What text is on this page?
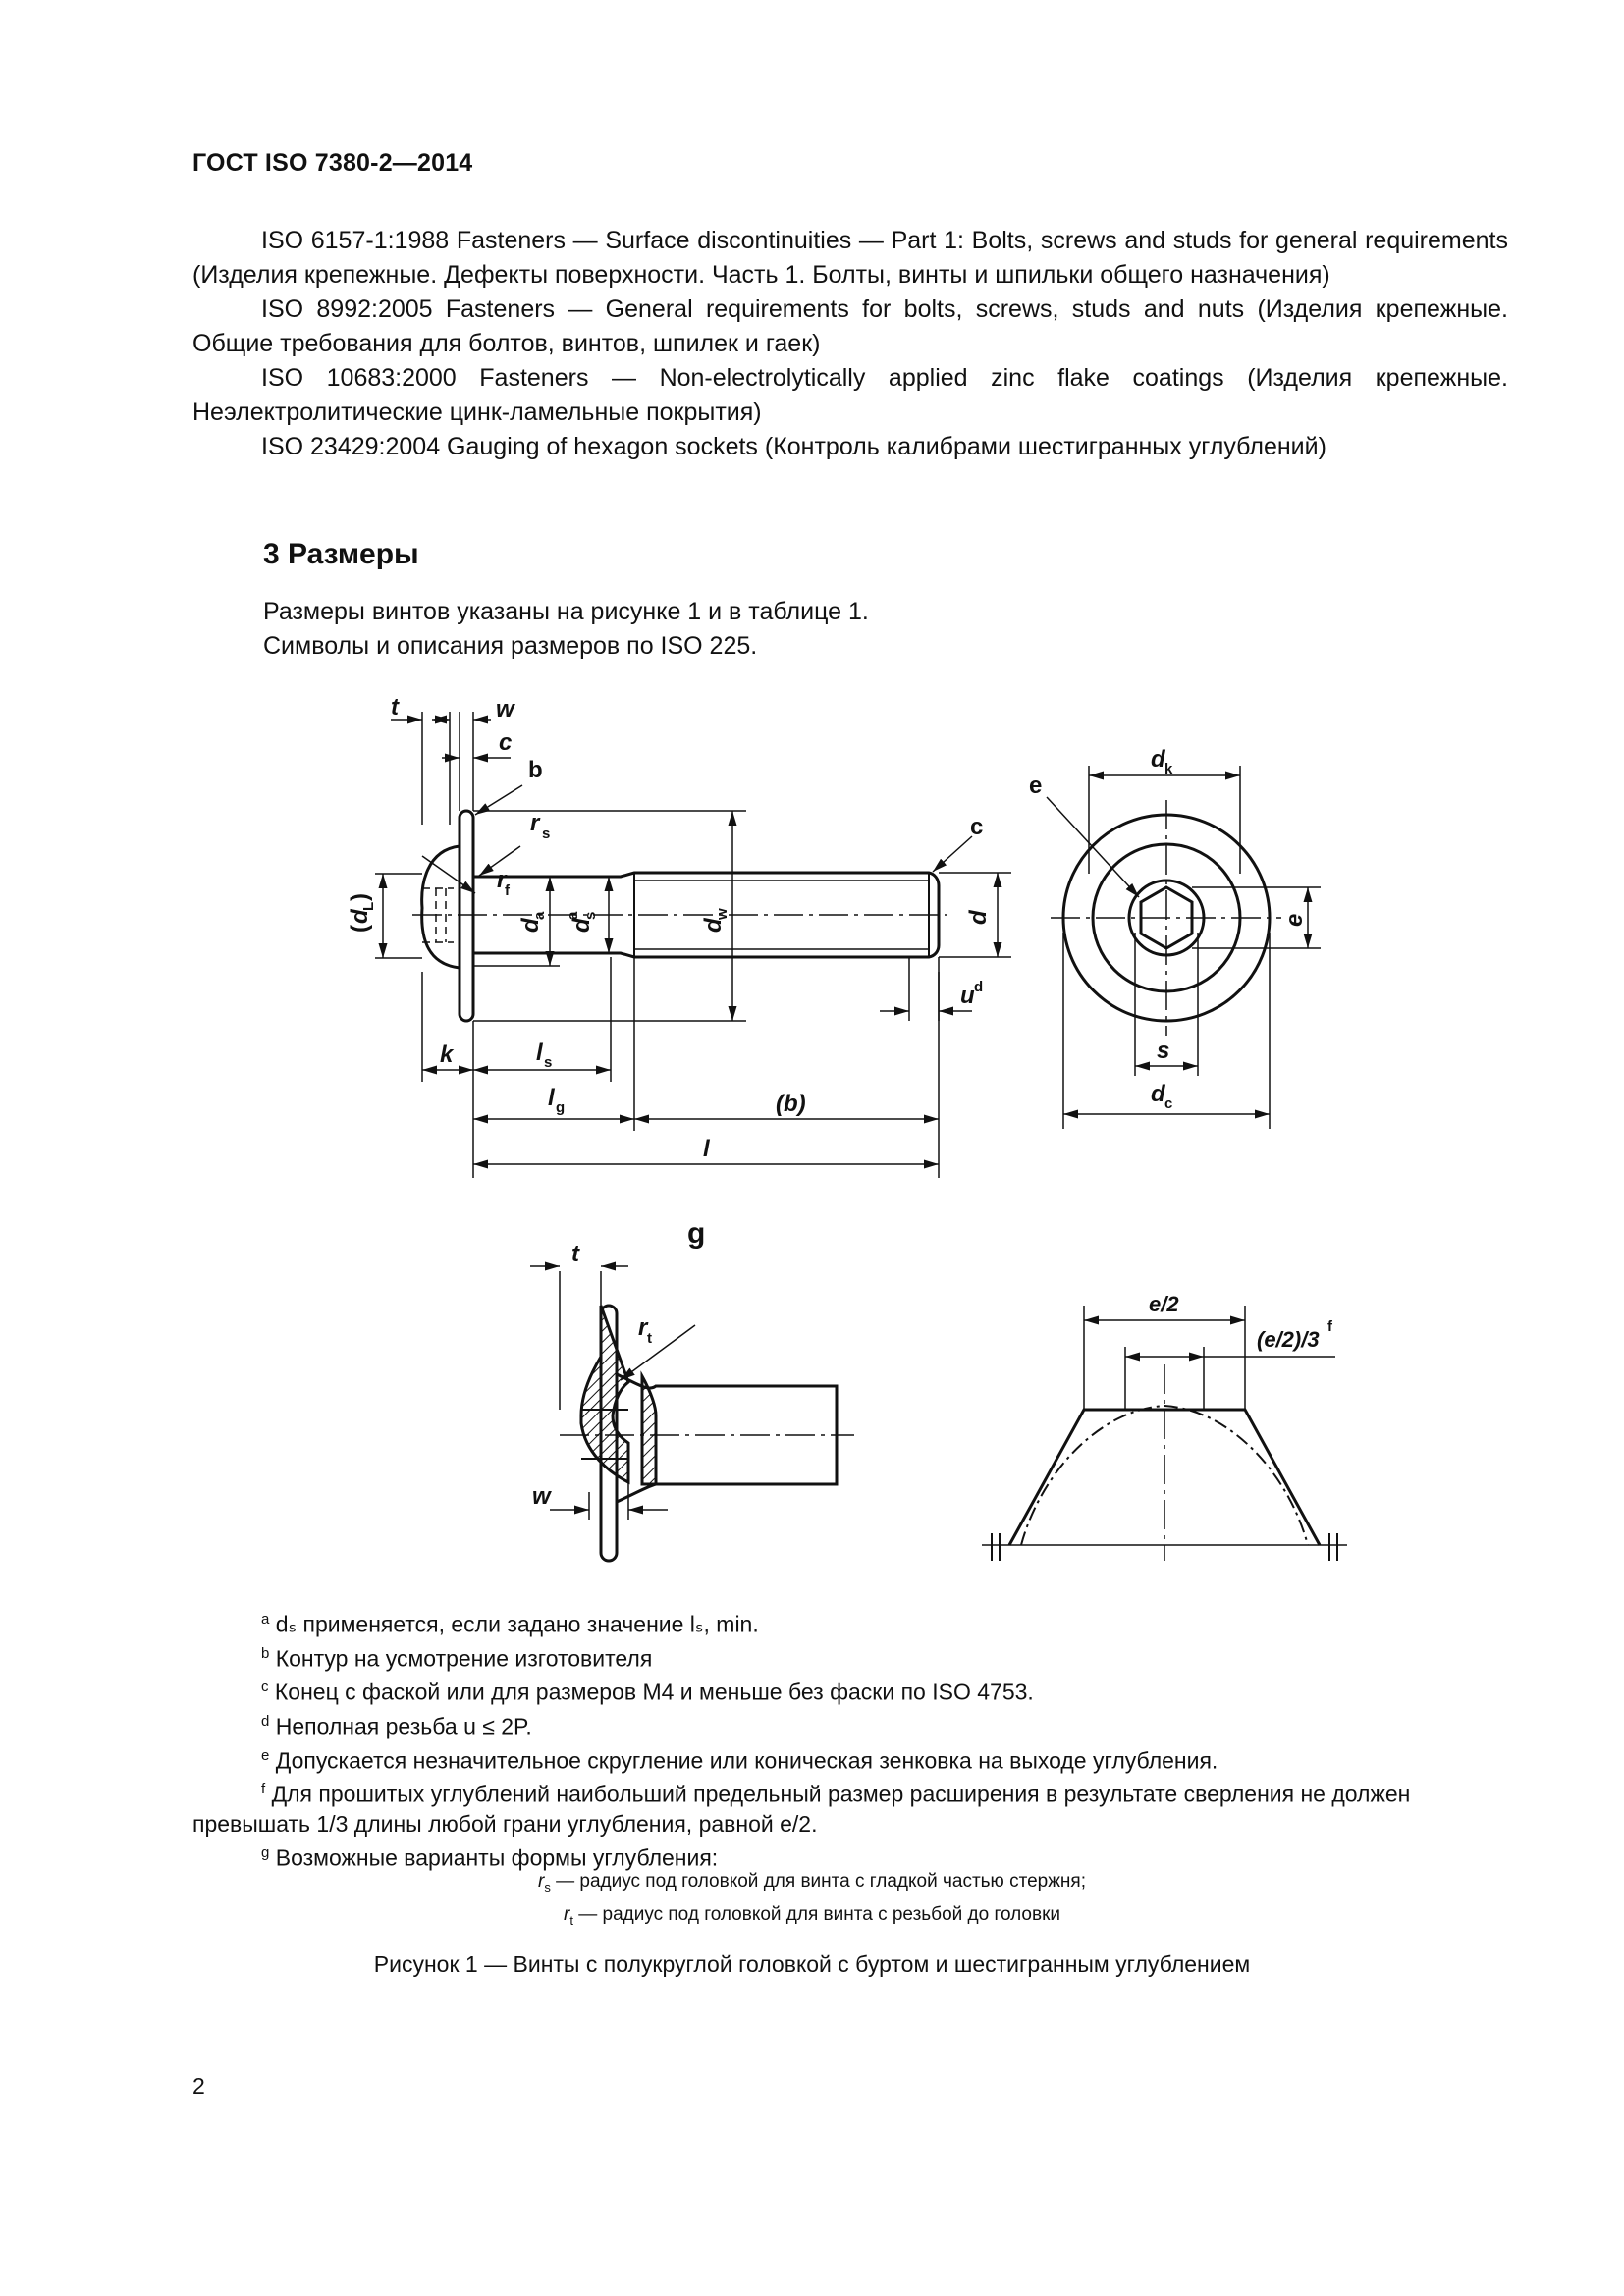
ГОСТ ISO 7380-2—2014

ISO 6157-1:1988 Fasteners — Surface discontinuities — Part 1: Bolts, screws and studs for general requirements (Изделия крепежные. Дефекты поверхности. Часть 1. Болты, винты и шпильки общего назначения)

ISO 8992:2005 Fasteners — General requirements for bolts, screws, studs and nuts (Изделия крепежные. Общие требования для болтов, винтов, шпилек и гаек)

ISO 10683:2000 Fasteners — Non-electrolytically applied zinc flake coatings (Изделия крепежные. Неэлектролитические цинк-ламельные покрытия)

ISO 23429:2004 Gauging of hexagon sockets (Контроль калибрами шестигранных углублений)

3 Размеры

Размеры винтов указаны на рисунке 1 и в таблице 1.

Символы и описания размеров по ISO 225.

t	w
c
b
r s
r
f
(
d
L
)
d
a
d
a s
d
w	d
c
u d
k	l s
l g	(b)
l
d k
e
e
s
d c
g
t
r t
w
e/2
(e/2)/3
f

$^a$ dₛ применяется, если задано значение lₛ, min.

$^b$ Контур на усмотрение изготовителя

$^c$ Конец с фаской или для размеров М4 и меньше без фаски по ISO 4753.

$^d$ Неполная резьба u ≤ 2P.

$^e$ Допускается незначительное скругление или коническая зенковка на выходе углубления.

$^f$ Для прошитых углублений наибольший предельный размер расширения в результате сверления не должен превышать 1/3 длины любой грани углубления, равной e/2.

$^g$ Возможные варианты формы углубления:

$r_s$ — радиус под головкой для винта с гладкой частью стержня;

$r_t$ — радиус под головкой для винта с резьбой до головки

Рисунок 1 — Винты с полукруглой головкой с буртом и шестигранным углублением
2
